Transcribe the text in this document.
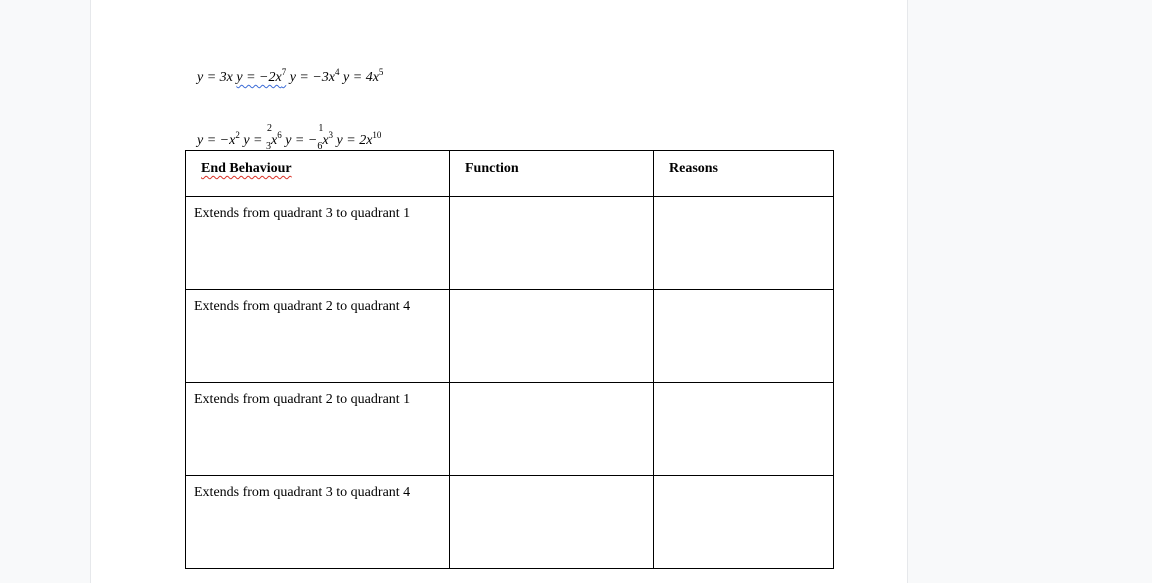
y = 3x $y = -2x^7$ $y = -3x^4$ $y = 4x^5$
$y = -x^2$ y =
2
$_3x^6$ y = −
1
$_6x^3$ $y = 2x^{10}$
End Behaviour	Function	Reasons

Extends from quadrant 3 to quadrant 1		

Extends from quadrant 2 to quadrant 4		

Extends from quadrant 2 to quadrant 1		

Extends from quadrant 3 to quadrant 4		
